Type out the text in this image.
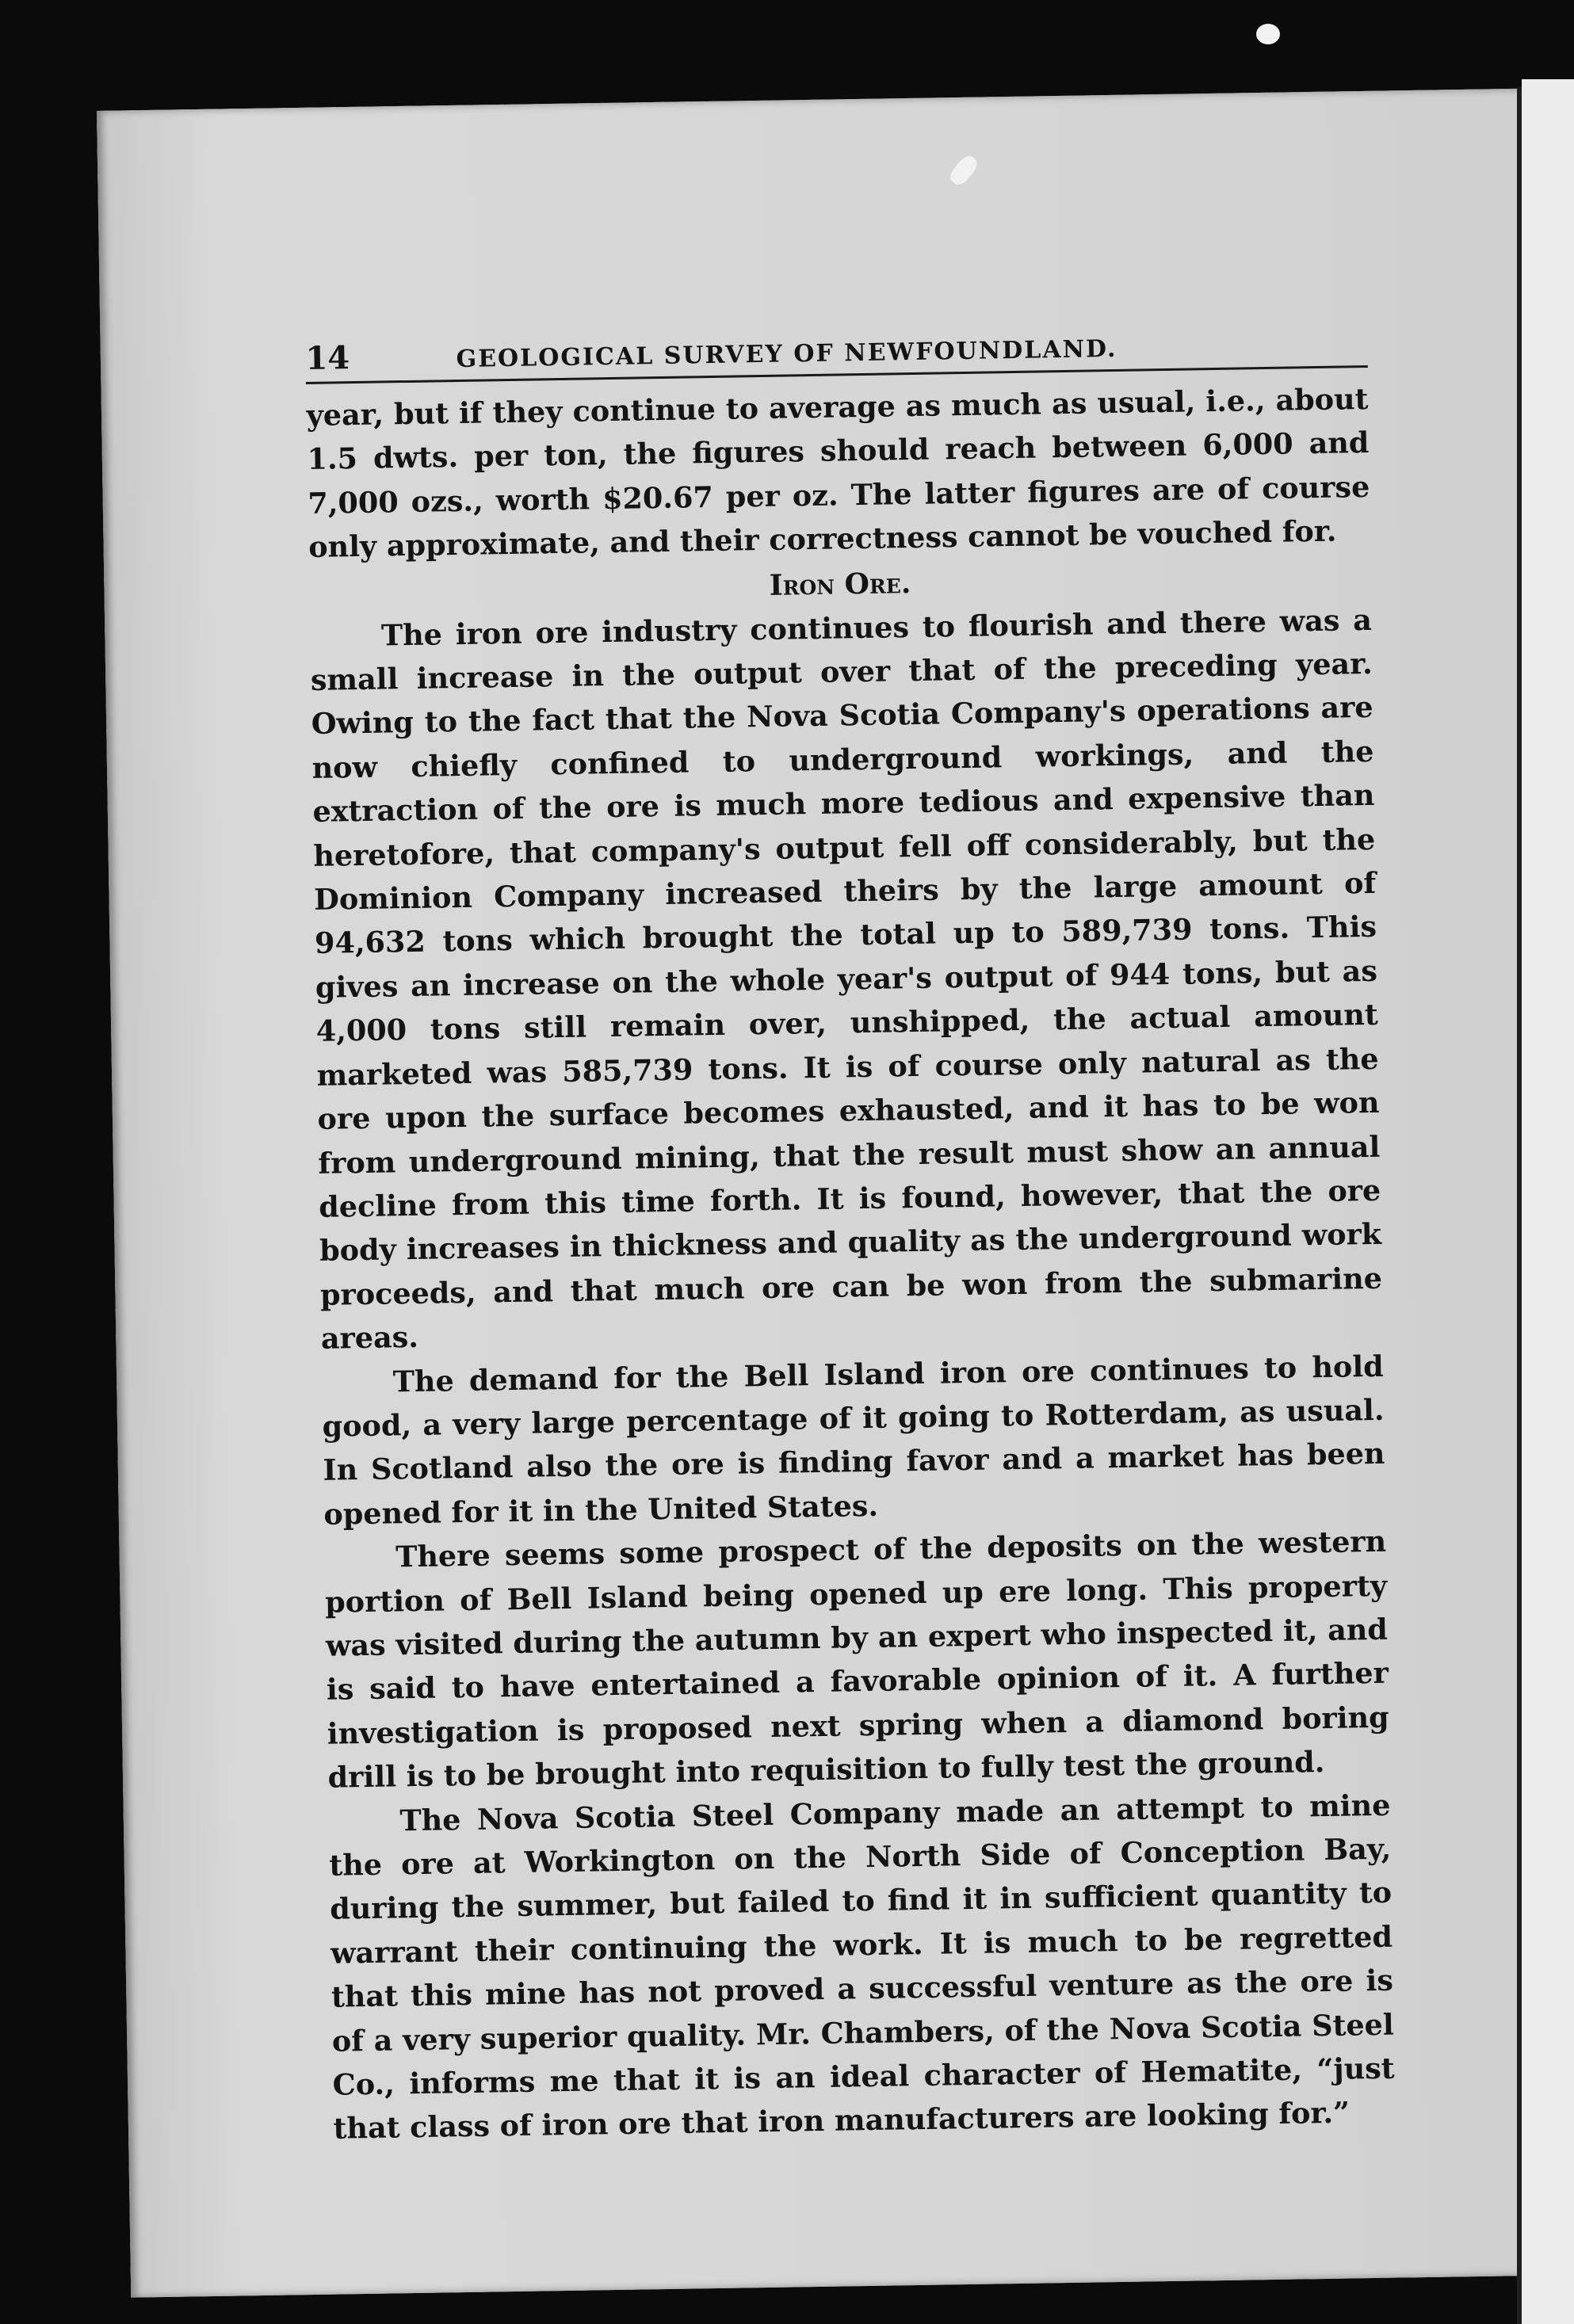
14	GEOLOGICAL SURVEY OF NEWFOUNDLAND.

year, but if they continue to average as much as usual, i.e., about 1.5 dwts. per ton, the figures should reach between 6,000 and 7,000 ozs., worth $20.67 per oz. The latter figures are of course only approximate, and their correctness cannot be vouched for.

Iron Ore.

The iron ore industry continues to flourish and there was a small increase in the output over that of the preceding year. Owing to the fact that the Nova Scotia Company's operations are now chiefly confined to underground workings, and the extraction of the ore is much more tedious and expensive than heretofore, that company's output fell off considerably, but the Dominion Company increased theirs by the large amount of 94,632 tons which brought the total up to 589,739 tons. This gives an increase on the whole year's output of 944 tons, but as 4,000 tons still remain over, unshipped, the actual amount marketed was 585,739 tons. It is of course only natural as the ore upon the surface becomes exhausted, and it has to be won from underground mining, that the result must show an annual decline from this time forth. It is found, however, that the ore body increases in thickness and quality as the underground work proceeds, and that much ore can be won from the submarine areas.

The demand for the Bell Island iron ore continues to hold good, a very large percentage of it going to Rotterdam, as usual. In Scotland also the ore is finding favor and a market has been opened for it in the United States.

There seems some prospect of the deposits on the western portion of Bell Island being opened up ere long. This property was visited during the autumn by an expert who inspected it, and is said to have entertained a favorable opinion of it. A further investigation is proposed next spring when a diamond boring drill is to be brought into requisition to fully test the ground.

The Nova Scotia Steel Company made an attempt to mine the ore at Workington on the North Side of Conception Bay, during the summer, but failed to find it in sufficient quantity to warrant their continuing the work. It is much to be regretted that this mine has not proved a successful venture as the ore is of a very superior quality. Mr. Chambers, of the Nova Scotia Steel Co., informs me that it is an ideal character of Hematite, “just that class of iron ore that iron manufacturers are looking for.”
